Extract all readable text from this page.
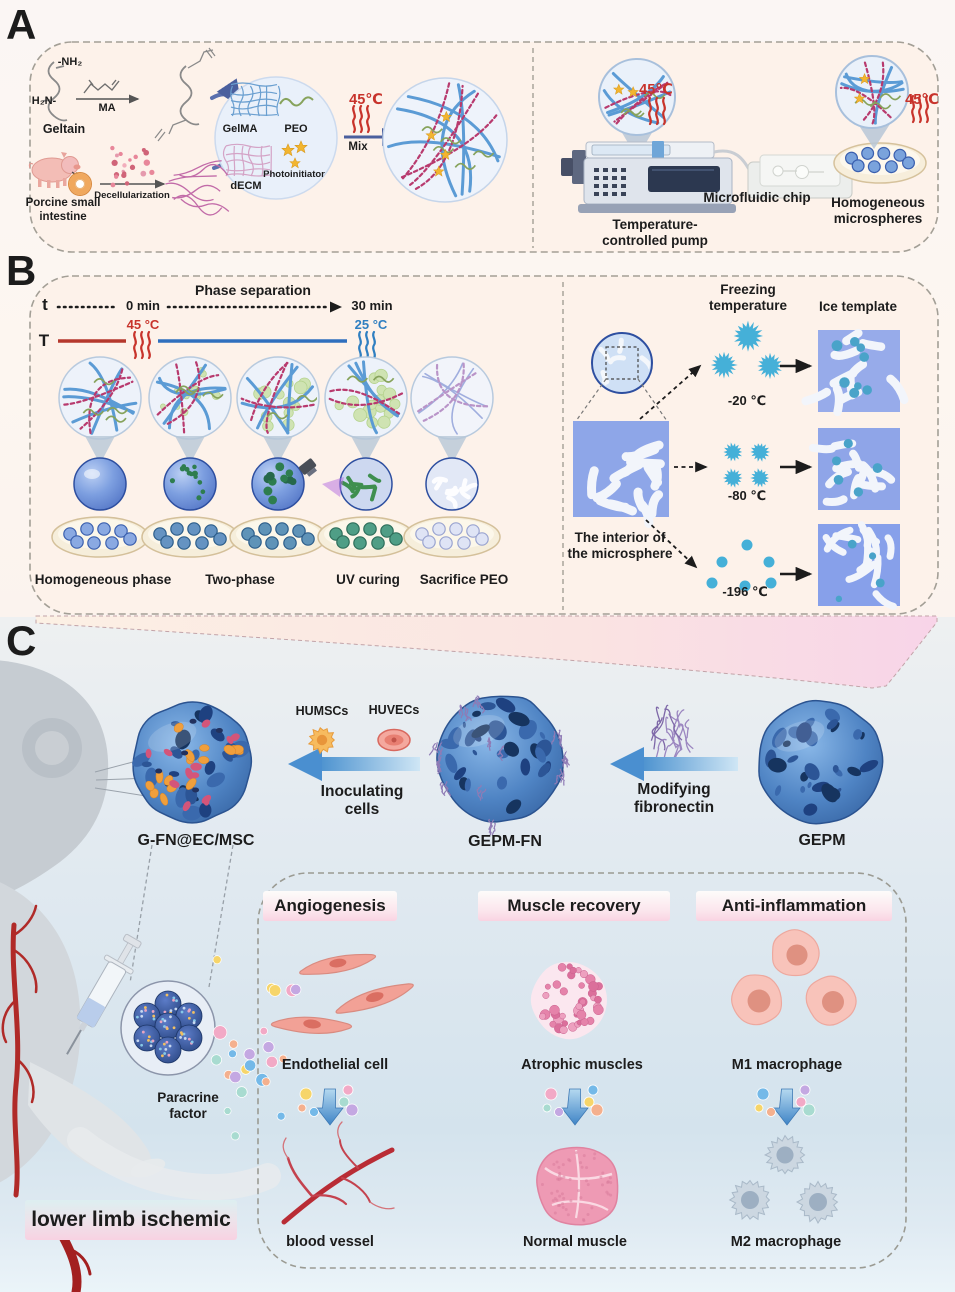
A
-NH₂
H₂N-
MA
Geltain	GelMA PEO
dECM
Photoinitiator
45℃
Mix
Porcine small
intestine
Decellularization
45℃
45℃
Temperature-
controlled pump
Microfluidic chip Homogeneous
microspheres
B	Phase separation
t	0 min	30 min
T
45 °C	25 °C
Homogeneous phase	Two-phase	UV curing Sacrifice PEO
Freezing
temperature Ice template
The interior of
the microsphere
-20 ℃
-80 ℃
-196 ℃
C
HUMSCs HUVECs
Inoculating
cells
G-FN@EC/MSC	GEPM-FN
Modifying
fibronectin
GEPM
Paracrine
factor
lower limb ischemic
Angiogenesis	Muscle recovery	Anti-inflammation
Endothelial cell	Atrophic muscles	M1 macrophage
blood vessel	Normal muscle	M2 macrophage
